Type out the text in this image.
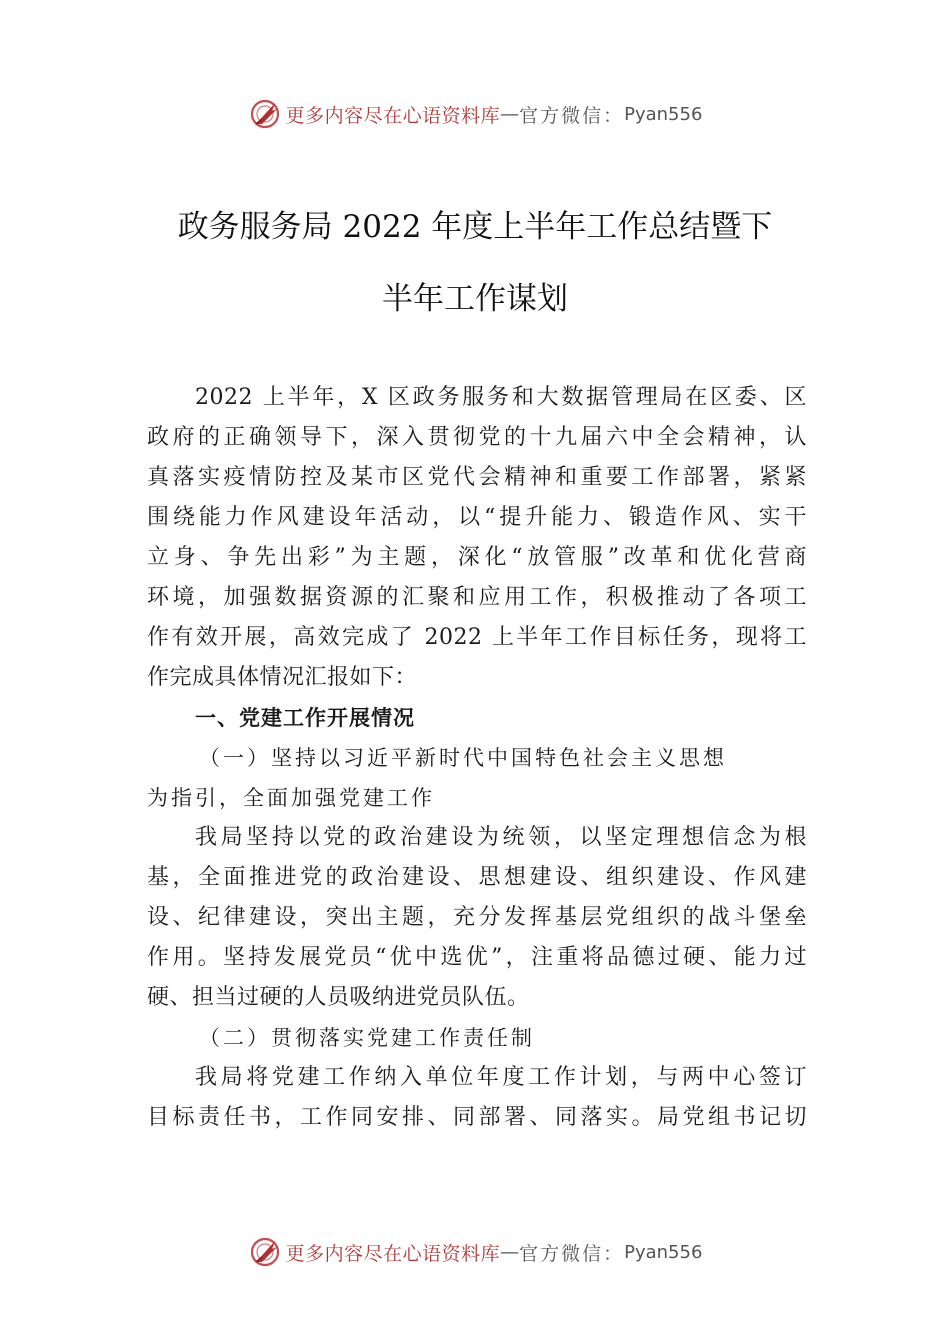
更多内容尽在心语资料库 — 官方微信： Pyan556
政务服务局 2022 年度上半年工作总结暨下
半年工作谋划
2022 上半年，X 区政务服务和大数据管理局在区委、区
政府的正确领导下，深入贯彻党的十九届六中全会精神，认
真落实疫情防控及某市区党代会精神和重要工作部署，紧紧
围绕能力作风建设年活动，以“提升能力、锻造作风、实干
立身、争先出彩”为主题，深化“放管服”改革和优化营商
环境，加强数据资源的汇聚和应用工作，积极推动了各项工
作有效开展，高效完成了 2022 上半年工作目标任务，现将工
作完成具体情况汇报如下：
一、党建工作开展情况
（一）坚持以习近平新时代中国特色社会主义思想
为指引，全面加强党建工作
我局坚持以党的政治建设为统领，以坚定理想信念为根
基，全面推进党的政治建设、思想建设、组织建设、作风建
设、纪律建设，突出主题，充分发挥基层党组织的战斗堡垒
作用。坚持发展党员“优中选优”，注重将品德过硬、能力过
硬、担当过硬的人员吸纳进党员队伍。
（二）贯彻落实党建工作责任制
我局将党建工作纳入单位年度工作计划，与两中心签订
目标责任书，工作同安排、同部署、同落实。局党组书记切
更多内容尽在心语资料库 — 官方微信： Pyan556
